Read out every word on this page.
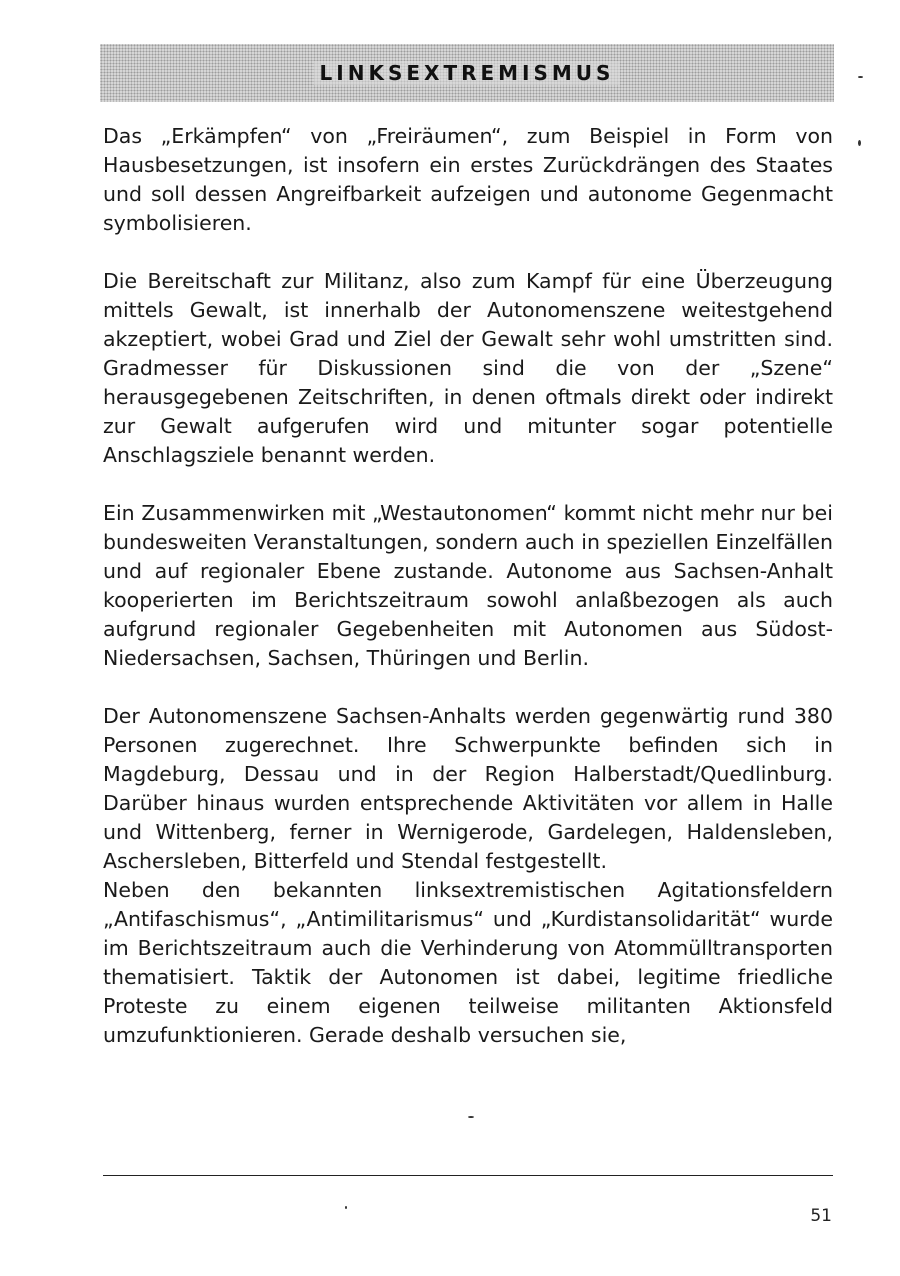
LINKSEXTREMISMUS

Das „Erkämpfen“ von „Freiräumen“, zum Beispiel in Form von Hausbesetzungen, ist insofern ein erstes Zurückdrängen des Staates und soll dessen Angreifbarkeit aufzeigen und autonome Gegenmacht symbolisieren.

Die Bereitschaft zur Militanz, also zum Kampf für eine Überzeugung mittels Gewalt, ist innerhalb der Autonomenszene weitestgehend akzeptiert, wobei Grad und Ziel der Gewalt sehr wohl umstritten sind. Gradmesser für Diskussionen sind die von der „Szene“ herausgegebenen Zeitschriften, in denen oftmals direkt oder indirekt zur Gewalt aufgerufen wird und mitunter sogar potentielle Anschlagsziele benannt werden.

Ein Zusammenwirken mit „Westautonomen“ kommt nicht mehr nur bei bundesweiten Veranstaltungen, sondern auch in speziellen Einzelfällen und auf regionaler Ebene zustande. Autonome aus Sachsen-Anhalt kooperierten im Berichtszeitraum sowohl anlaßbezogen als auch aufgrund regionaler Gegebenheiten mit Autonomen aus Südost-Niedersachsen, Sachsen, Thüringen und Berlin.

Der Autonomenszene Sachsen-Anhalts werden gegenwärtig rund 380 Personen zugerechnet. Ihre Schwerpunkte befinden sich in Magdeburg, Dessau und in der Region Halberstadt/Quedlinburg. Darüber hinaus wurden entsprechende Aktivitäten vor allem in Halle und Wittenberg, ferner in Wernigerode, Gardelegen, Haldensleben, Aschersleben, Bitterfeld und Stendal festgestellt.

Neben den bekannten linksextremistischen Agitationsfeldern „Antifaschismus“, „Antimilitarismus“ und „Kurdistansolidarität“ wurde im Berichtszeitraum auch die Verhinderung von Atommülltransporten thematisiert. Taktik der Autonomen ist dabei, legitime friedliche Proteste zu einem eigenen teilweise militanten Aktionsfeld umzufunktionieren. Gerade deshalb versuchen sie,

51
